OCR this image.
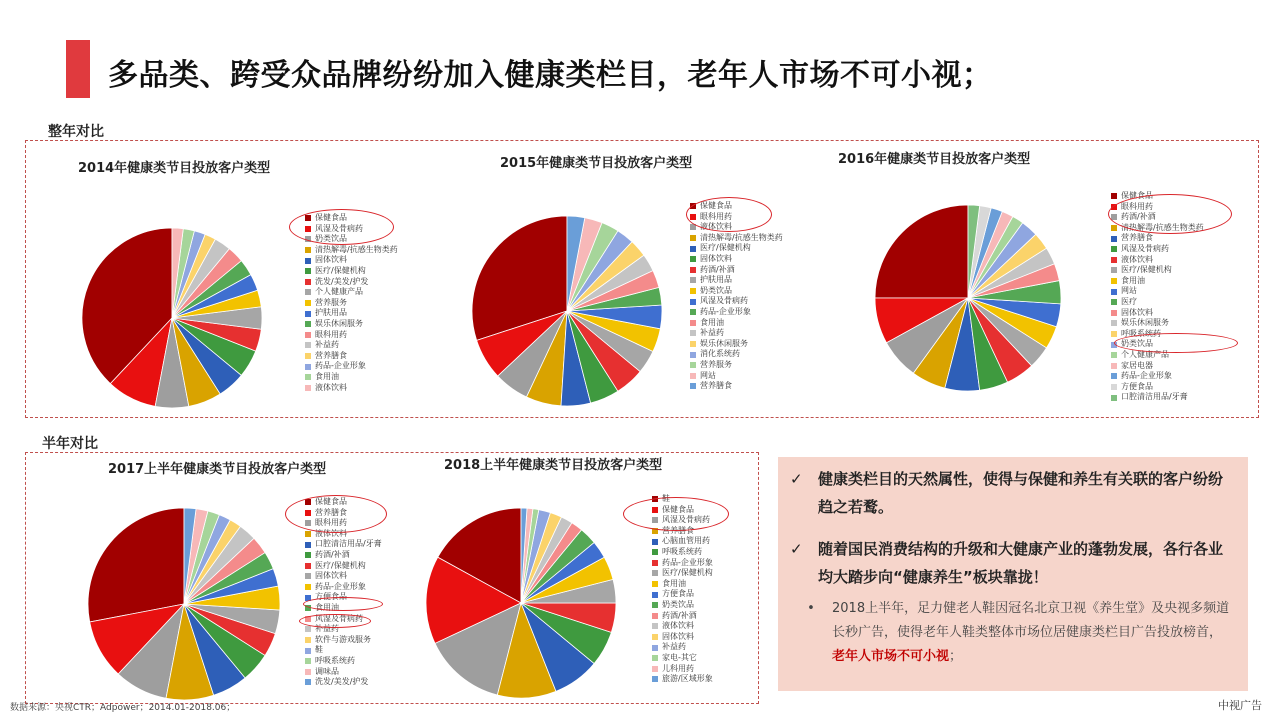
多品类、跨受众品牌纷纷加入健康类栏目，老年人市场不可小视；
整年对比
半年对比
2014年健康类节目投放客户类型
保健食品
风湿及骨病药
奶类饮品
清热解毒/抗感生物类药
固体饮料
医疗/保健机构
洗发/美发/护发
个人健康产品
营养服务
护肤用品
娱乐休闲服务
眼科用药
补益药
营养膳食
药品-企业形象
食用油
液体饮料
2015年健康类节目投放客户类型
保健食品
眼科用药
液体饮料
清热解毒/抗感生物类药
医疗/保健机构
固体饮料
药酒/补酒
护肤用品
奶类饮品
风湿及骨病药
药品-企业形象
食用油
补益药
娱乐休闲服务
消化系统药
营养服务
网站
营养膳食
2016年健康类节目投放客户类型
保健食品
眼科用药
药酒/补酒
清热解毒/抗感生物类药
营养膳食
风湿及骨病药
液体饮料
医疗/保健机构
食用油
网站
医疗
固体饮料
娱乐休闲服务
呼吸系统药
奶类饮品
个人健康产品
家居电器
药品-企业形象
方便食品
口腔清洁用品/牙膏
2017上半年健康类节目投放客户类型
保健食品
营养膳食
眼科用药
液体饮料
口腔清洁用品/牙膏
药酒/补酒
医疗/保健机构
固体饮料
药品-企业形象
方便食品
食用油
风湿及骨病药
补益药
软件与游戏服务
鞋
呼吸系统药
调味品
洗发/美发/护发
2018上半年健康类节目投放客户类型
鞋
保健食品
风湿及骨病药
营养膳食
心脑血管用药
呼吸系统药
药品-企业形象
医疗/保健机构
食用油
方便食品
奶类饮品
药酒/补酒
液体饮料
固体饮料
补益药
家电-其它
儿科用药
旅游/区域形象
✓	健康类栏目的天然属性，使得与保健和养生有关联的客户纷纷趋之若鹜。
✓	随着国民消费结构的升级和大健康产业的蓬勃发展，各行各业均大踏步向“健康养生”板块靠拢！
•	2018上半年，足力健老人鞋因冠名北京卫视《养生堂》及央视多频道长秒广告，使得老年人鞋类整体市场位居健康类栏目广告投放榜首，老年人市场不可小视；
数据来源：央视CTR；Adpower；2014.01-2018.06；	中视广告
